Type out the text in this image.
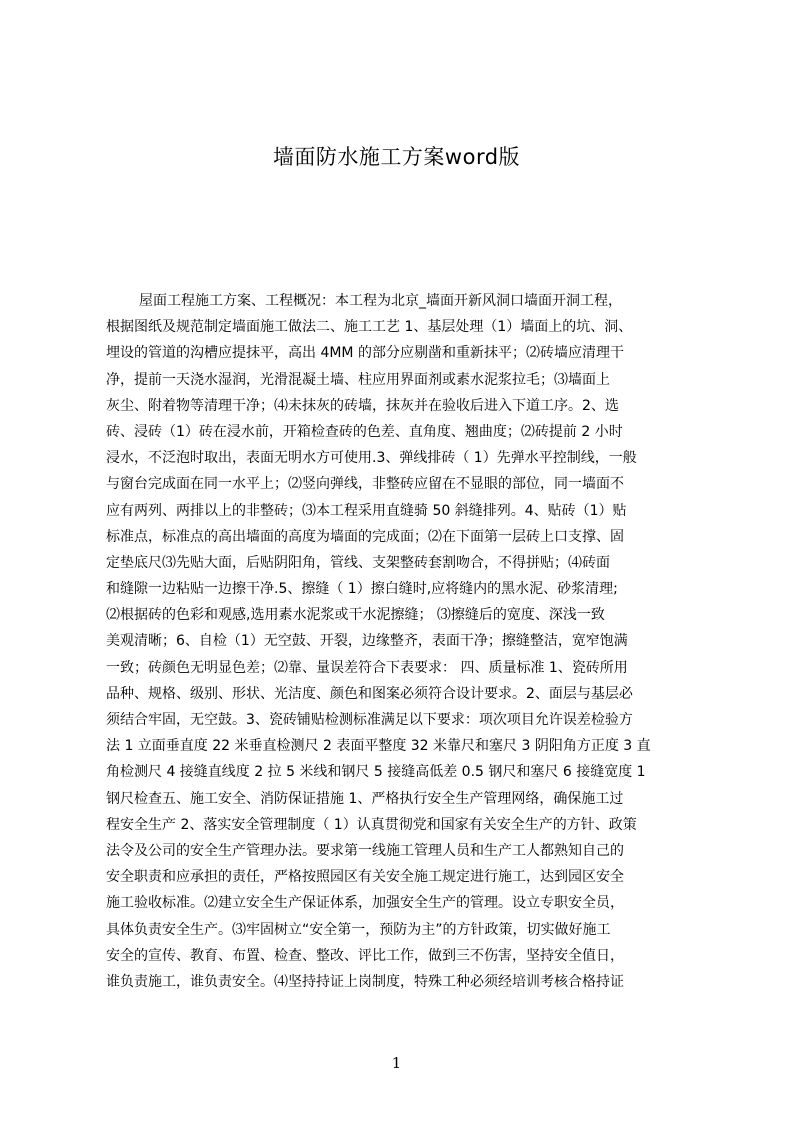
墙面防水施工方案word版
屋面工程施工方案、工程概况：本工程为北京_墙面开新风洞口墙面开洞工程，
根据图纸及规范制定墙面施工做法二、施工工艺 1、基层处理（1）墙面上的坑、洞、
埋设的管道的沟槽应提抹平，高出 4MM 的部分应剔凿和重新抹平；⑵砖墙应清理干
净，提前一天浇水湿润，光滑混凝土墙、柱应用界面剂或素水泥浆拉毛；⑶墙面上
灰尘、附着物等清理干净；⑷未抹灰的砖墙，抹灰并在验收后进入下道工序。2、选
砖、浸砖（1）砖在浸水前，开箱检查砖的色差、直角度、翘曲度；⑵砖提前 2 小时
浸水，不泛泡时取出，表面无明水方可使用.3、弹线排砖（ 1）先弹水平控制线，一般
与窗台完成面在同一水平上；⑵竖向弹线，非整砖应留在不显眼的部位，同一墙面不
应有两列、两排以上的非整砖；⑶本工程采用直缝骑 50 斜缝排列。4、贴砖（1）贴
标准点，标准点的高出墙面的高度为墙面的完成面；⑵在下面第一层砖上口支撑、固
定垫底尺⑶先贴大面，后贴阴阳角，管线、支架整砖套割吻合，不得拼贴；⑷砖面
和缝隙一边粘贴一边擦干净.5、擦缝（ 1）擦白缝时,应将缝内的黑水泥、砂浆清理;
⑵根据砖的色彩和观感,选用素水泥浆或干水泥擦缝； ⑶擦缝后的宽度、深浅一致
美观清晰；6、自检（1）无空鼓、开裂，边缘整齐，表面干净；擦缝整洁，宽窄饱满
一致；砖颜色无明显色差；⑵靠、量误差符合下表要求： 四、质量标准 1、瓷砖所用
品种、规格、级别、形状、光洁度、颜色和图案必须符合设计要求。2、面层与基层必
须结合牢固，无空鼓。3、瓷砖铺贴检测标准满足以下要求：项次项目允许误差检验方
法 1 立面垂直度 22 米垂直检测尺 2 表面平整度 32 米靠尺和塞尺 3 阴阳角方正度 3 直
角检测尺 4 接缝直线度 2 拉 5 米线和钢尺 5 接缝高低差 0.5 钢尺和塞尺 6 接缝宽度 1
钢尺检查五、施工安全、消防保证措施 1、严格执行安全生产管理网络，确保施工过
程安全生产 2、落实安全管理制度（ 1）认真贯彻党和国家有关安全生产的方针、政策
法令及公司的安全生产管理办法。要求第一线施工管理人员和生产工人都熟知自己的
安全职责和应承担的责任，严格按照园区有关安全施工规定进行施工，达到园区安全
施工验收标准。⑵建立安全生产保证体系，加强安全生产的管理。设立专职安全员，
具体负责安全生产。⑶牢固树立“安全第一，预防为主”的方针政策，切实做好施工
安全的宣传、教育、布置、检查、整改、评比工作，做到三不伤害，坚持安全值日，
谁负责施工，谁负责安全。⑷坚持持证上岗制度，特殊工种必须经培训考核合格持证
1
